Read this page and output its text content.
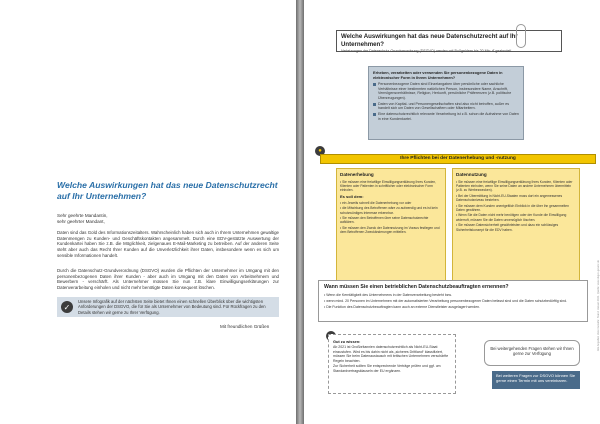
Welche Auswirkungen hat das neue Datenschutzrecht auf Ihr Unternehmen?
Sehr geehrte Mandantin,
sehr geehrter Mandant,
Daten sind das Gold des Informationszeitalters. Wahrscheinlich haben sich auch in Ihrem Unternehmen gewaltige Datenmengen zu Kunden- und Geschäftskontakten angesammelt. Durch eine EDV-gestützte Auswertung der Kundenkartei haben Sie z.B. die Möglichkeit, zielgenaues E-Mail-Marketing zu betreiben. Auf der anderen Seite steht aber auch das Recht Ihrer Kunden auf die Unverletzlichkeit ihrer Daten, insbesondere wenn es sich um sensible Informationen handelt.
Durch die Datenschutz-Grundverordnung (DSGVO) wurden die Pflichten der Unternehmer im Umgang mit den personenbezogenen Daten ihrer Kunden - aber auch im Umgang mit den Daten von Arbeitnehmern und Bewerbern - verschärft. Als Unternehmer müssen Sie nun z.B. klare Einwilligungserklärungen zur Datenverarbeitung einholen und nicht mehr benötigte Daten konsequent löschen.
✓
Unsere Infografik auf der nächsten Seite bietet Ihnen einen schnellen Überblick über die wichtigsten Anforderungen der DSGVO, die für Sie als Unternehmer von Bedeutung sind. Für Rückfragen zu den Details stehen wir gerne zu Ihrer Verfügung.
Mit freundlichen Grüßen
Welche Auswirkungen hat das neue Datenschutzrecht auf Ihr Unternehmen?
Verletzungen der Datenschutz-Grundverordnung (DSGVO) werden mit Bußgeldern bis 20 Mio. € geahndet!
Erheben, verarbeiten oder verwenden Sie personenbezogene Daten in elektronischer Form in Ihrem Unternehmen?
Personenbezogene Daten sind Einzelangaben über persönliche oder sachliche Verhältnisse einer bestimmten natürlichen Person, insbesondere Name, Anschrift, Vermögensverhältnisse, Religion, Herkunft, persönliche Präferenzen (z.B. politische Überzeugungen).
Daten von Kapital- und Personengesellschaften sind also nicht betroffen, außer es handelt sich um Daten von Gesellschaftern oder Mitarbeitern.
Eine datenschutzrechtlich relevante Verarbeitung ist z.B. schon die Aufnahme von Daten in eine Kundenkartei.
●
Ihre Pflichten bei der Datenerhebung und -nutzung
Datenerhebung
• Sie müssen eine freiwillige Einwilligungserklärung Ihres Kunden, Klienten oder Patienten in schriftlicher oder elektronischer Form einholen.
Es soll dem:
• ein Jeweils schnell die Datenerhebung vor oder
• die Mitwirkung des Betroffenen wäre zu aufwendig und es ist kein schutzwürdiges Interesse erkennbar.
• Sie müssen den Betroffenen über seine Datenschutzrechte aufklären.
• Sie müssen den Zweck der Datennutzung im Voraus festlegen und dem Betroffenen Zweckänderungen mitteilen.
Datennutzung
• Sie müssen eine freiwillige Einwilligungserklärung Ihres Kunden, Klienten oder Patienten einholen, wenn Sie seine Daten an andere Unternehmen übermitteln (z.B. zu Werbezwecken).
• Bei der Übermittlung in Nicht-EU-Staaten muss dort ein angemessenes Datenschutzniveau bestehen.
• Sie müssen dem Kunden unentgeltlich Einblick in die über ihn gesammelten Daten gewähren.
• Wenn Sie die Daten nicht mehr benötigen oder der Kunde die Einwilligung widerruft, müssen Sie die Daten unverzüglich löschen.
• Sie müssen Datensicherheit gewährleisten und dazu ein schlüssiges Sicherheitskonzept für die EDV haben.
Wann müssen Sie einen betrieblichen Datenschutzbeauftragten ernennen?
• Wenn die Kerntätigkeit des Unternehmens in der Datenverarbeitung besteht bzw.
• wenn mind. 20 Personen im Unternehmen mit der automatisierten Verarbeitung personenbezogener Daten befasst sind und die Daten schutzbedürftig sind.
• Die Funktion des Datenschutzbeauftragten kann auch an externe Dienstleister ausgelagert werden.
Gut zu wissen:
Ab 2021 ist Großbritannien datenschutzrechtlich als Nicht-EU-Staat einzustufen. Wird es bis dahin nicht als „sicheres Drittland“ klassifiziert, müssen Sie beim Datenaustausch mit britischen Unternehmen verschärfte Regeln beachten.
Zur Sicherheit sollten Sie entsprechende Verträge prüfen und ggf. um Standardvertragsklauseln der EU ergänzen.
Bei weitergehenden Fragen stehen wir Ihnen gerne zur Verfügung
Bei weiteren Fragen zur DSGVO können Sie gerne einen Termin mit uns vereinbaren.
Alle Angaben ohne Gewähr. Stand: Januar 2021. Quelle: www.dsgvo-gesetz.de
